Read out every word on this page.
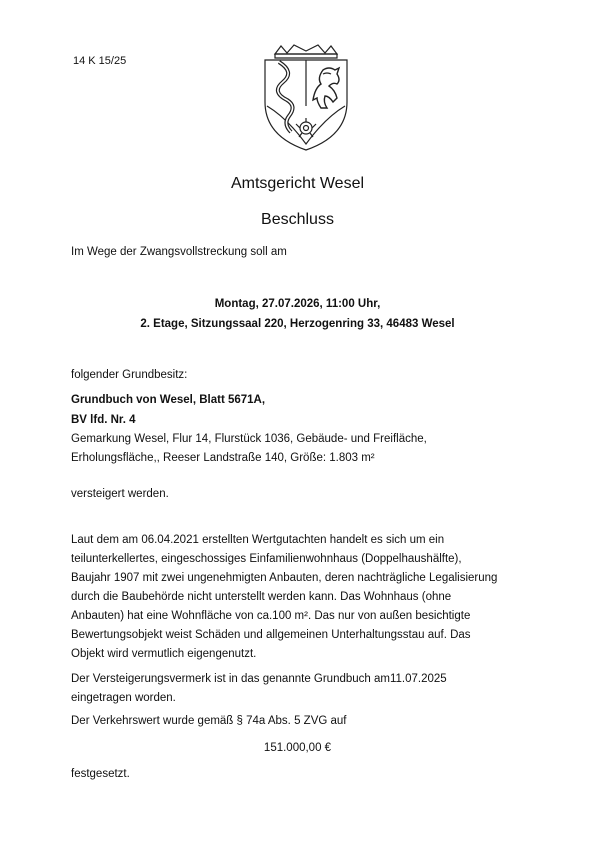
14 K 15/25
Amtsgericht Wesel
Beschluss
Im Wege der Zwangsvollstreckung soll am
Montag, 27.07.2026, 11:00 Uhr,
2. Etage, Sitzungssaal 220, Herzogenring 33, 46483 Wesel
folgender Grundbesitz:
Grundbuch von Wesel, Blatt 5671A,
BV lfd. Nr. 4
Gemarkung Wesel, Flur 14, Flurstück 1036, Gebäude- und Freifläche,
Erholungsfläche,, Reeser Landstraße 140, Größe: 1.803 m²
versteigert werden.
Laut dem am 06.04.2021 erstellten Wertgutachten handelt es sich um ein
teilunterkellertes, eingeschossiges Einfamilienwohnhaus (Doppelhaushälfte),
Baujahr 1907 mit zwei ungenehmigten Anbauten, deren nachträgliche Legalisierung
durch die Baubehörde nicht unterstellt werden kann. Das Wohnhaus (ohne
Anbauten) hat eine Wohnfläche von ca.100 m². Das nur von außen besichtigte
Bewertungsobjekt weist Schäden und allgemeinen Unterhaltungsstau auf. Das
Objekt wird vermutlich eigengenutzt.
Der Versteigerungsvermerk ist in das genannte Grundbuch am11.07.2025
eingetragen worden.
Der Verkehrswert wurde gemäß § 74a Abs. 5 ZVG auf
151.000,00 €
festgesetzt.
